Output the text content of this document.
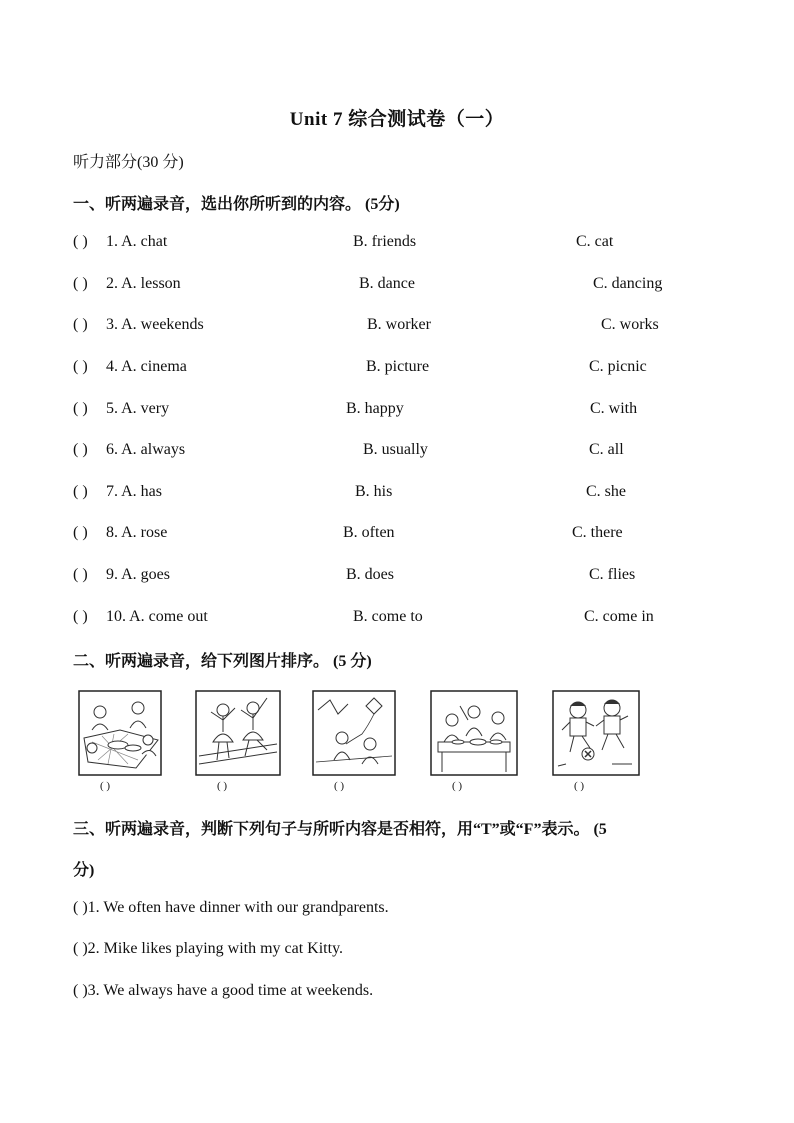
Unit 7 综合测试卷（一）
听力部分(30 分)
一、听两遍录音，选出你所听到的内容。 (5分)
( ) 1. A. chat	B. friends	C. cat
( ) 2. A. lesson	B. dance	C. dancing
( ) 3. A. weekends	B. worker	C. works
( ) 4. A. cinema	B. picture	C. picnic
( ) 5. A. very	B. happy	C. with
( ) 6. A. always	B. usually	C. all
( ) 7. A. has	B. his	C. she
( ) 8. A. rose	B. often	C. there
( ) 9. A. goes	B. does	C. flies
( ) 10. A. come out	B. come to	C. come in
二、听两遍录音，给下列图片排序。 (5 分)
( )	( )	( )	( )	( )
三、听两遍录音，判断下列句子与所听内容是否相符，用“T”或“F”表示。 (5
分)
( )1. We often have dinner with our grandparents.
( )2. Mike likes playing with my cat Kitty.
( )3. We always have a good time at weekends.
